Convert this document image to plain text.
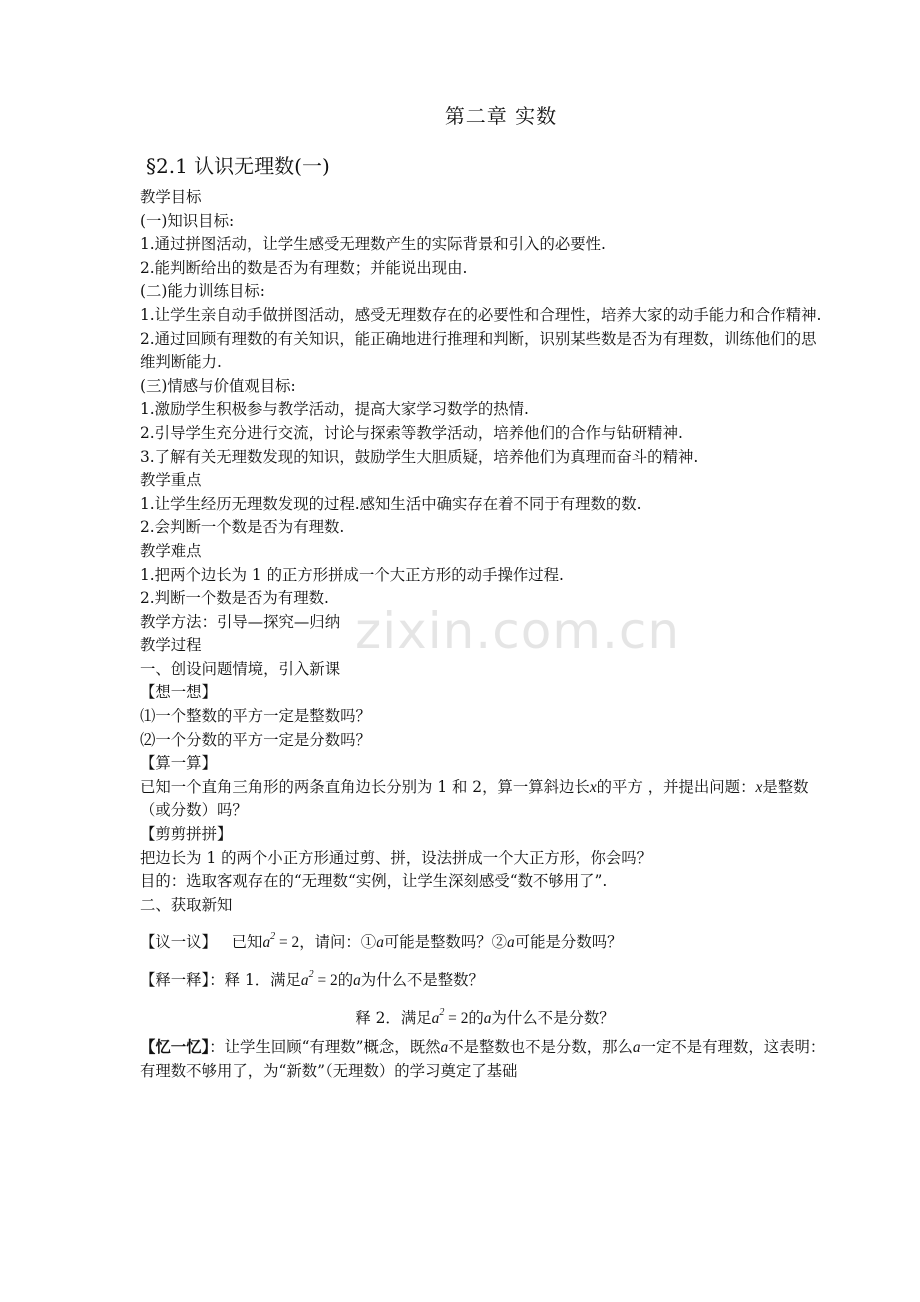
第二章 实数
§2.1 认识无理数(一)
教学目标
(一)知识目标:
1.通过拼图活动，让学生感受无理数产生的实际背景和引入的必要性.
2.能判断给出的数是否为有理数；并能说出现由.
(二)能力训练目标:
1.让学生亲自动手做拼图活动，感受无理数存在的必要性和合理性，培养大家的动手能力和合作精神.
2.通过回顾有理数的有关知识，能正确地进行推理和判断，识别某些数是否为有理数，训练他们的思维判断能力.
(三)情感与价值观目标:
1.激励学生积极参与教学活动，提高大家学习数学的热情.
2.引导学生充分进行交流，讨论与探索等教学活动，培养他们的合作与钻研精神.
3.了解有关无理数发现的知识，鼓励学生大胆质疑，培养他们为真理而奋斗的精神.
教学重点
1.让学生经历无理数发现的过程.感知生活中确实存在着不同于有理数的数.
2.会判断一个数是否为有理数.
教学难点
1.把两个边长为 1 的正方形拼成一个大正方形的动手操作过程.
2.判断一个数是否为有理数.
教学方法：引导—探究—归纳
教学过程
一、创设问题情境，引入新课
【想一想】
⑴一个整数的平方一定是整数吗？
⑵一个分数的平方一定是分数吗？
【算一算】
已知一个直角三角形的两条直角边长分别为 1 和 2，算一算斜边长x的平方 ，并提出问题：x是整数（或分数）吗？
【剪剪拼拼】
把边长为 1 的两个小正方形通过剪、拼，设法拼成一个大正方形，你会吗？
目的：选取客观存在的“无理数“实例，让学生深刻感受“数不够用了”.
二、获取新知
【议一议】 已知$a^2 = 2$，请问：①a可能是整数吗？②a可能是分数吗？
【释一释】：释 1．满足$a^2 = 2$的a为什么不是整数？
释 2．满足$a^2 = 2$的a为什么不是分数？
【忆一忆】：让学生回顾“有理数”概念，既然a不是整数也不是分数，那么a一定不是有理数，这表明：有理数不够用了，为“新数”（无理数）的学习奠定了基础
zixin.com.cn
